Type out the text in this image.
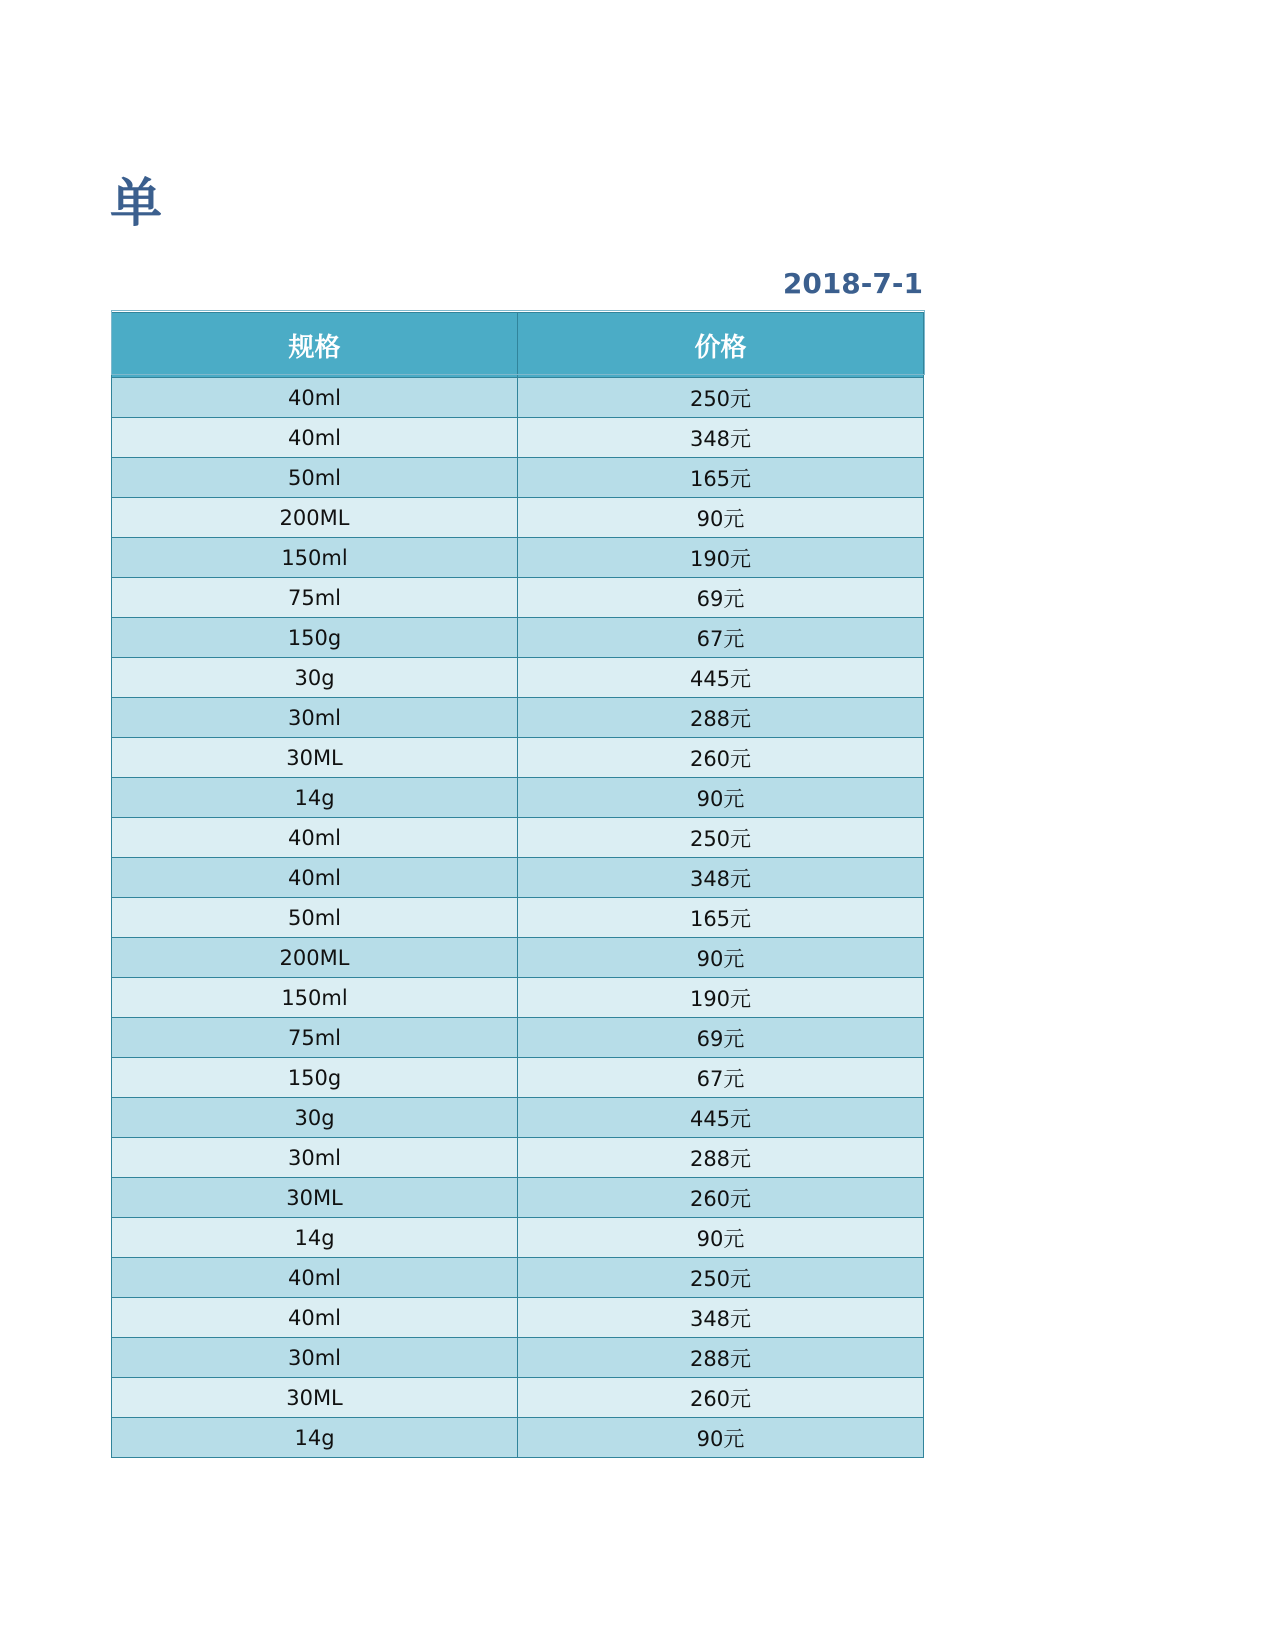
单
2018-7-1
规格	价格
40ml	250元
40ml	348元
50ml	165元
200ML	90元
150ml	190元
75ml	69元
150g	67元
30g	445元
30ml	288元
30ML	260元
14g	90元
40ml	250元
40ml	348元
50ml	165元
200ML	90元
150ml	190元
75ml	69元
150g	67元
30g	445元
30ml	288元
30ML	260元
14g	90元
40ml	250元
40ml	348元
30ml	288元
30ML	260元
14g	90元
